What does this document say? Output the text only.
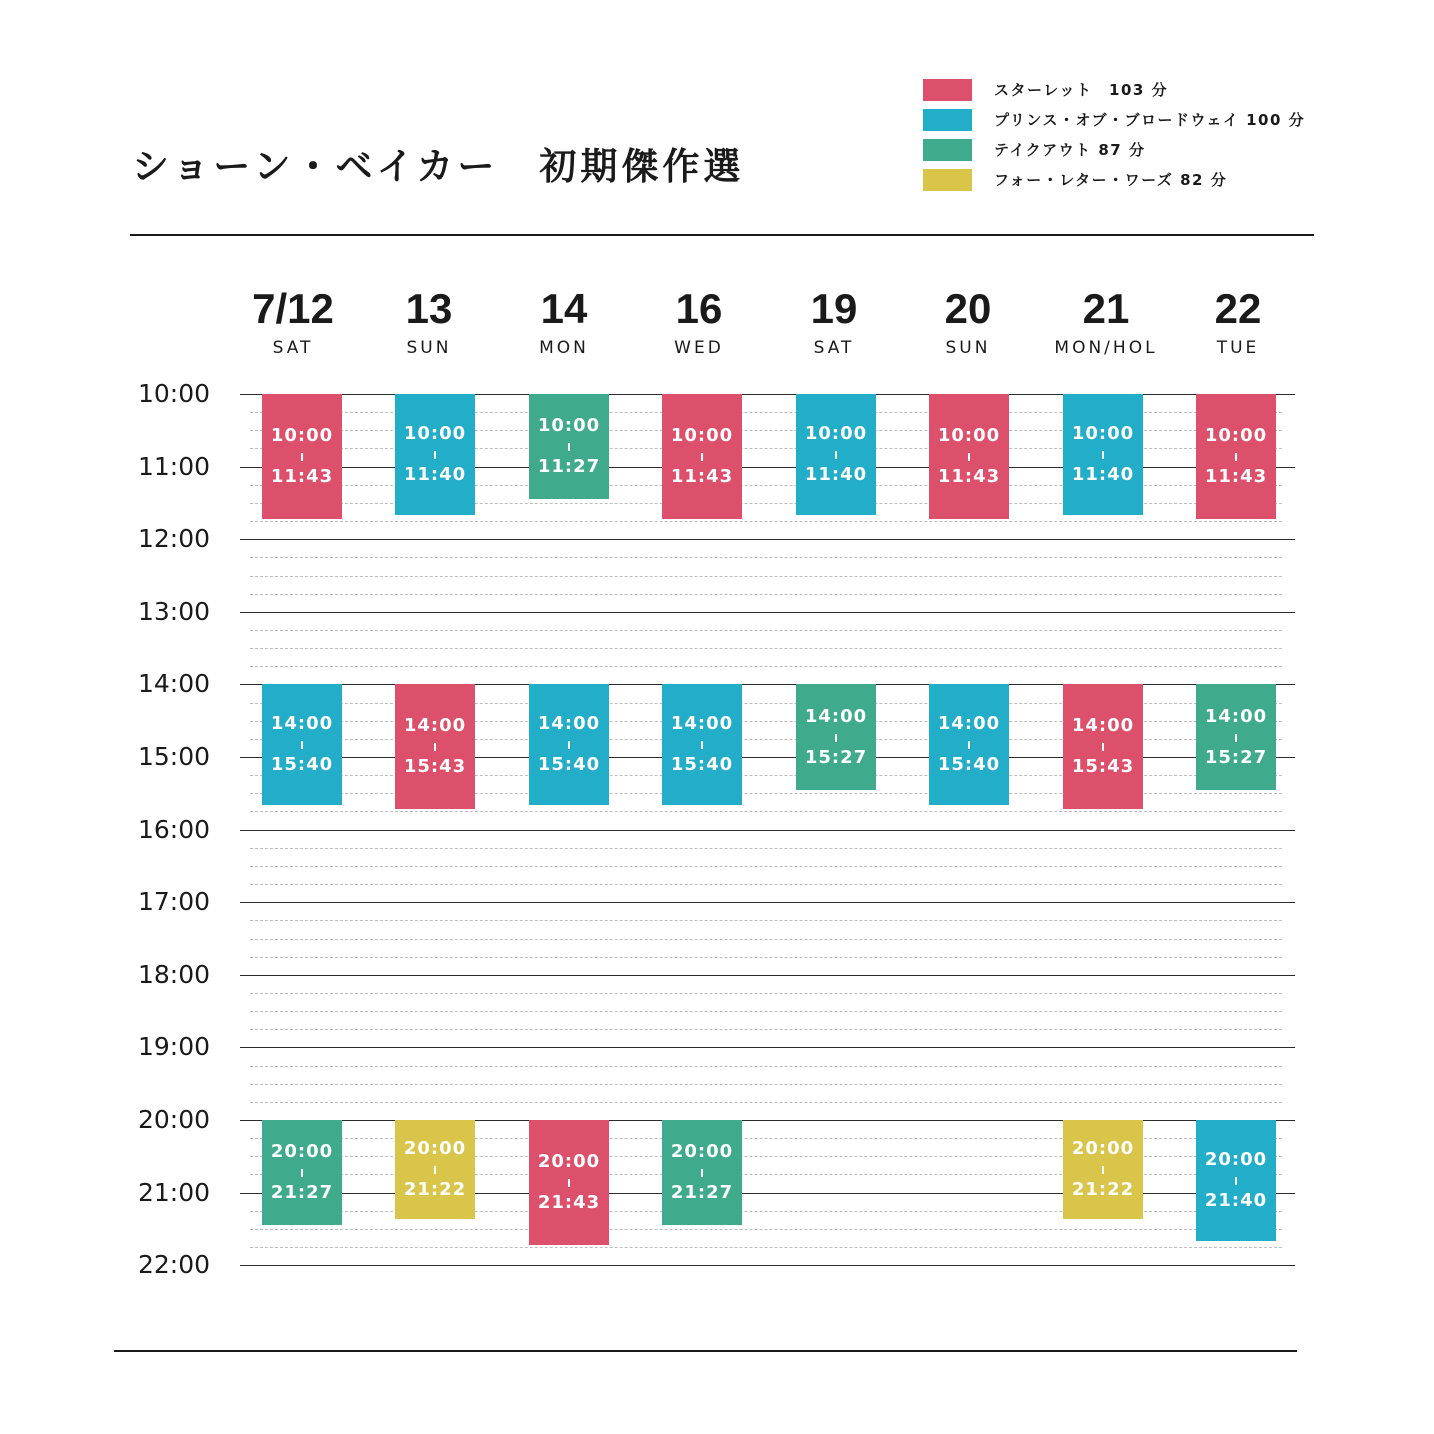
ショーン・ベイカー　初期傑作選
スターレット　103 分
プリンス・オブ・ブロードウェイ 100 分
テイクアウト 87 分
フォー・レター・ワーズ 82 分
7/12
SAT
13
SUN
14
MON
16
WED
19
SAT
20
SUN
21
MON/HOL
22
TUE
10:00
11:00
12:00
13:00
14:00
15:00
16:00
17:00
18:00
19:00
20:00
21:00
22:00
10:00
11:43
10:00
11:40
10:00
11:27
10:00
11:43
10:00
11:40
10:00
11:43
10:00
11:40
10:00
11:43
14:00
15:40
14:00
15:43
14:00
15:40
14:00
15:40
14:00
15:27
14:00
15:40
14:00
15:43
14:00
15:27
20:00
21:27
20:00
21:22
20:00
21:43
20:00
21:27
20:00
21:22
20:00
21:40
